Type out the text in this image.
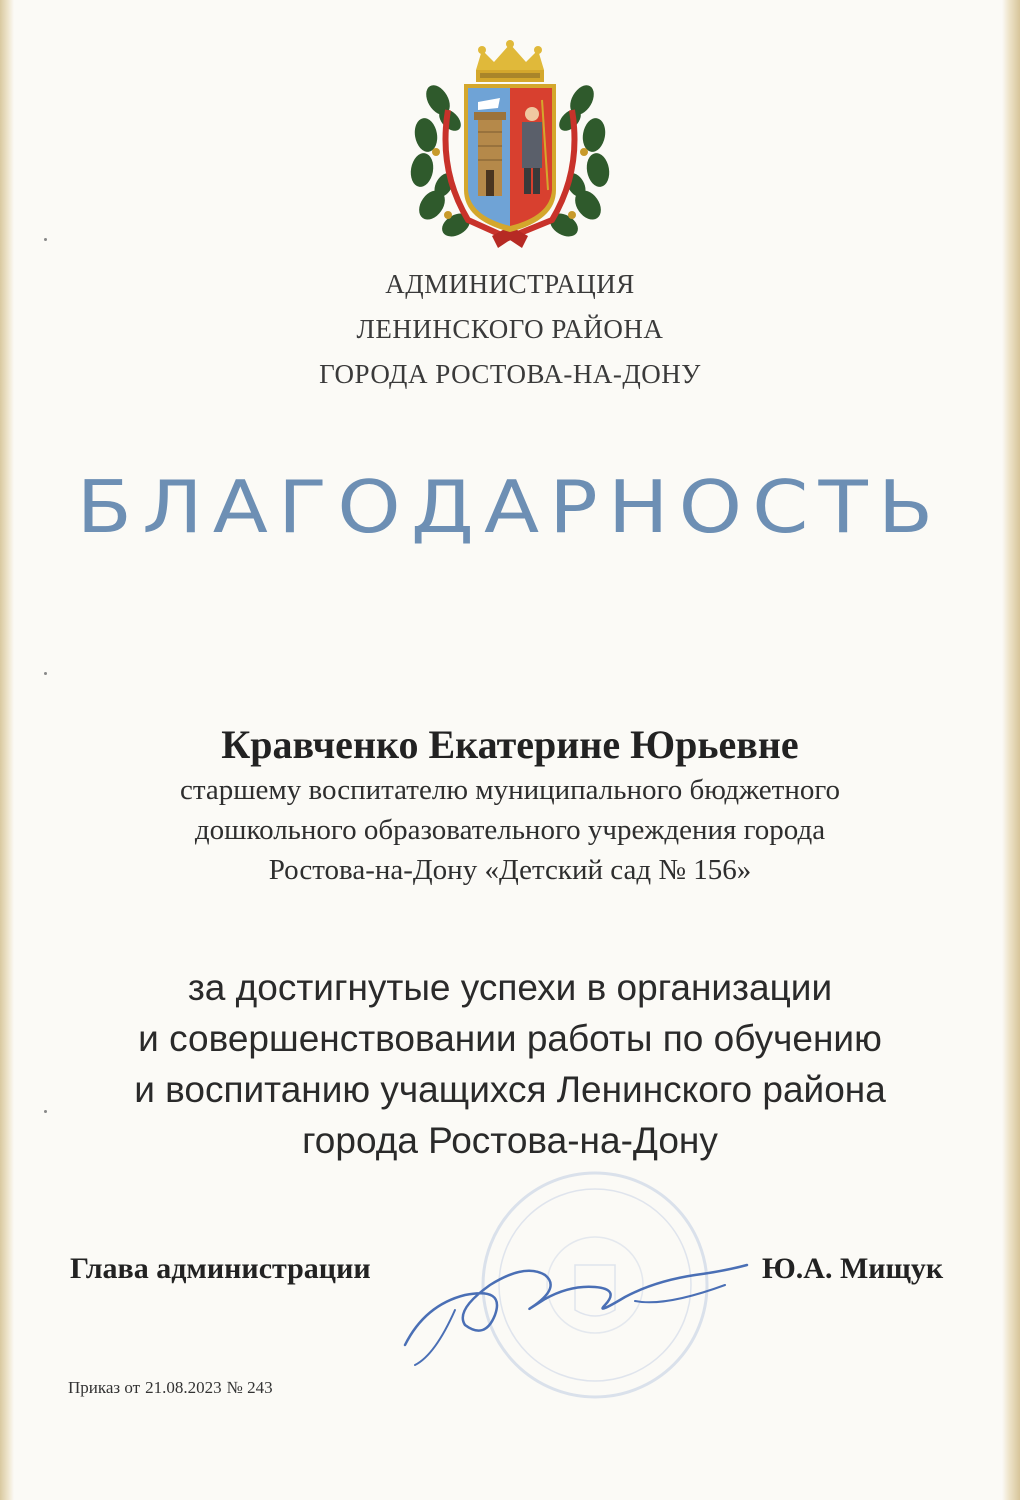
АДМИНИСТРАЦИЯ
ЛЕНИНСКОГО РАЙОНА
ГОРОДА РОСТОВА-НА-ДОНУ
БЛАГОДАРНОСТЬ
Кравченко Екатерине Юрьевне
старшему воспитателю муниципального бюджетного
дошкольного образовательного учреждения города
Ростова-на-Дону «Детский сад № 156»
за достигнутые успехи в организации
и совершенствовании работы по обучению
и воспитанию учащихся Ленинского района
города Ростова-на-Дону
Глава администрации	Ю.А. Мищук
Приказ от 21.08.2023 № 243
